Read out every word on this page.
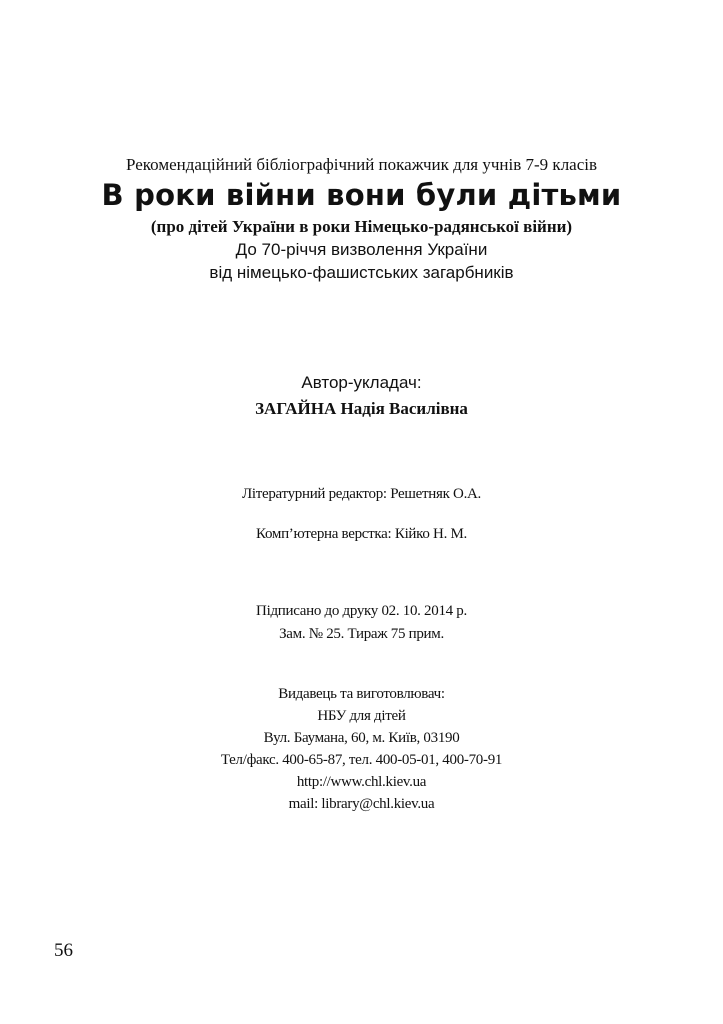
Рекомендаційний бібліографічний покажчик для учнів 7-9 класів
В роки війни вони були дітьми
(про дітей України в роки Німецько-радянської війни)
До 70-річчя визволення України
від німецько-фашистських загарбників
Автор-укладач:
ЗАГАЙНА Надія Василівна
Літературний редактор: Решетняк О.А.
Комп’ютерна верстка: Кійко Н. М.
Підписано до друку 02. 10. 2014 р.
Зам. № 25. Тираж 75 прим.
Видавець та виготовлювач:
НБУ для дітей
Вул. Баумана, 60, м. Київ, 03190
Тел/факс. 400-65-87, тел. 400-05-01, 400-70-91
http://www.chl.kiev.ua
mail: library@chl.kiev.ua
56
